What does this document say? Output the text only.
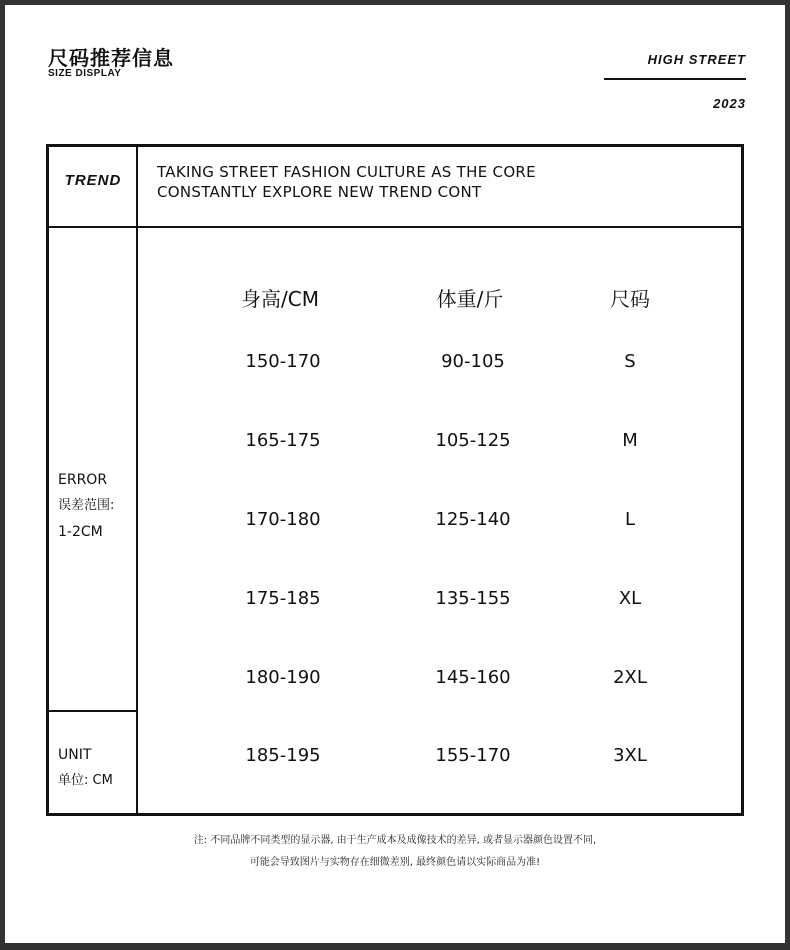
尺码推荐信息
SIZE DISPLAY
HIGH STREET
2023
TREND	TAKING STREET FASHION CULTURE AS THE CORE
CONSTANTLY EXPLORE NEW TREND CONT
ERROR
误差范围:
1-2CM
UNIT
单位: CM
身高/CM	体重/斤	尺码
150-170	90-105	S
165-175	105-125	M
170-180	125-140	L
175-185	135-155	XL
180-190	145-160	2XL
185-195	155-170	3XL
注: 不同品牌不同类型的显示器, 由于生产成本及成像技术的差异, 或者显示器颜色设置不同,
可能会导致图片与实物存在细微差别, 最终颜色请以实际商品为准!
